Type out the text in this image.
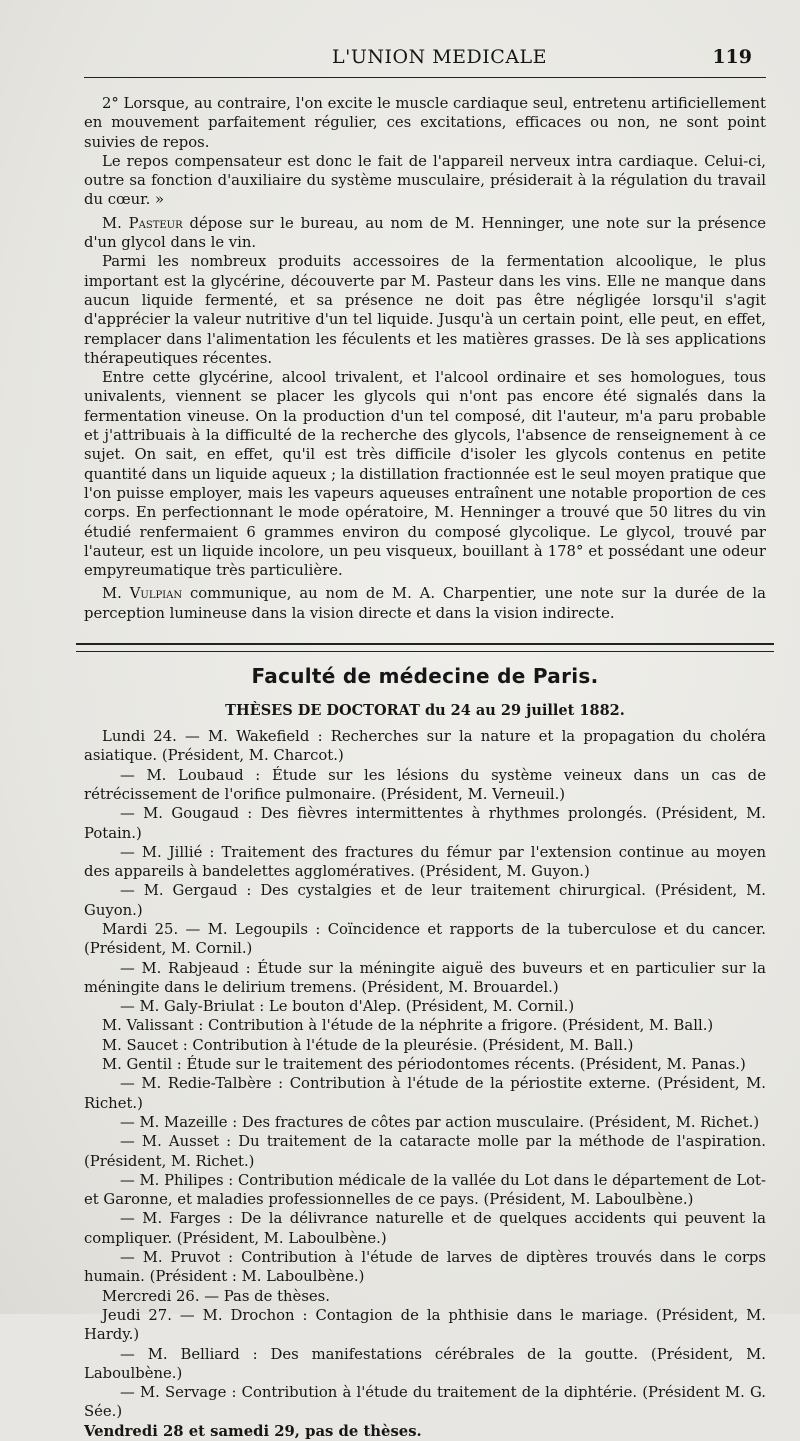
L'UNION MEDICALE	119

2° Lorsque, au contraire, l'on excite le muscle cardiaque seul, entretenu artificiellement en mouvement parfaitement régulier, ces excitations, efficaces ou non, ne sont point suivies de repos.

Le repos compensateur est donc le fait de l'appareil nerveux intra cardiaque. Celui-ci, outre sa fonction d'auxiliaire du système musculaire, présiderait à la régulation du travail du cœur. »

M. Pasteur dépose sur le bureau, au nom de M. Henninger, une note sur la présence d'un glycol dans le vin.

Parmi les nombreux produits accessoires de la fermentation alcoolique, le plus important est la glycérine, découverte par M. Pasteur dans les vins. Elle ne manque dans aucun liquide fermenté, et sa présence ne doit pas être négligée lorsqu'il s'agit d'apprécier la valeur nutritive d'un tel liquide. Jusqu'à un certain point, elle peut, en effet, remplacer dans l'alimentation les féculents et les matières grasses. De là ses applications thérapeutiques récentes.

Entre cette glycérine, alcool trivalent, et l'alcool ordinaire et ses homologues, tous univalents, viennent se placer les glycols qui n'ont pas encore été signalés dans la fermentation vineuse. On la production d'un tel composé, dit l'auteur, m'a paru probable et j'attribuais à la difficulté de la recherche des glycols, l'absence de renseignement à ce sujet. On sait, en effet, qu'il est très difficile d'isoler les glycols contenus en petite quantité dans un liquide aqueux ; la distillation fractionnée est le seul moyen pratique que l'on puisse employer, mais les vapeurs aqueuses entraînent une notable proportion de ces corps. En perfectionnant le mode opératoire, M. Henninger a trouvé que 50 litres du vin étudié renfermaient 6 grammes environ du composé glycolique. Le glycol, trouvé par l'auteur, est un liquide incolore, un peu visqueux, bouillant à 178° et possédant une odeur empyreumatique très particulière.

M. Vulpian communique, au nom de M. A. Charpentier, une note sur la durée de la perception lumineuse dans la vision directe et dans la vision indirecte.

Faculté de médecine de Paris.
THÈSES DE DOCTORAT du 24 au 29 juillet 1882.
Lundi 24. — M. Wakefield : Recherches sur la nature et la propagation du choléra asiatique. (Président, M. Charcot.)
— M. Loubaud : Étude sur les lésions du système veineux dans un cas de rétrécissement de l'orifice pulmonaire. (Président, M. Verneuil.)
— M. Gougaud : Des fièvres intermittentes à rhythmes prolongés. (Président, M. Potain.)
— M. Jillié : Traitement des fractures du fémur par l'extension continue au moyen des appareils à bandelettes agglomératives. (Président, M. Guyon.)
— M. Gergaud : Des cystalgies et de leur traitement chirurgical. (Président, M. Guyon.)
Mardi 25. — M. Legoupils : Coïncidence et rapports de la tuberculose et du cancer. (Président, M. Cornil.)
— M. Rabjeaud : Étude sur la méningite aiguë des buveurs et en particulier sur la méningite dans le delirium tremens. (Président, M. Brouardel.)
— M. Galy-Briulat : Le bouton d'Alep. (Président, M. Cornil.)
M. Valissant : Contribution à l'étude de la néphrite a frigore. (Président, M. Ball.)
M. Saucet : Contribution à l'étude de la pleurésie. (Président, M. Ball.)
M. Gentil : Étude sur le traitement des périodontomes récents. (Président, M. Panas.)
— M. Redie-Talbère : Contribution à l'étude de la périostite externe. (Président, M. Richet.)
— M. Mazeille : Des fractures de côtes par action musculaire. (Président, M. Richet.)
— M. Ausset : Du traitement de la cataracte molle par la méthode de l'aspiration. (Président, M. Richet.)
— M. Philipes : Contribution médicale de la vallée du Lot dans le département de Lot-et Garonne, et maladies professionnelles de ce pays. (Président, M. Laboulbène.)
— M. Farges : De la délivrance naturelle et de quelques accidents qui peuvent la compliquer. (Président, M. Laboulbène.)
— M. Pruvot : Contribution à l'étude de larves de diptères trouvés dans le corps humain. (Président : M. Laboulbène.)
Mercredi 26. — Pas de thèses.
Jeudi 27. — M. Drochon : Contagion de la phthisie dans le mariage. (Président, M. Hardy.)
— M. Belliard : Des manifestations cérébrales de la goutte. (Président, M. Laboulbène.)
— M. Servage : Contribution à l'étude du traitement de la diphtérie. (Président M. G. Sée.)
Vendredi 28 et samedi 29, pas de thèses.
